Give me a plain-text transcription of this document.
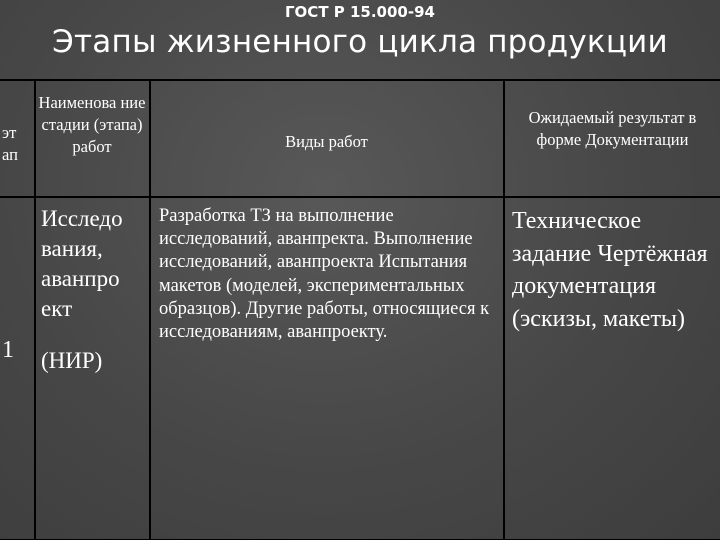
ГОСТ Р 15.000-94
Этапы жизненного цикла продукции
эт ап
Наименова ние стадии (этапа) работ	Виды работ
Ожидаемый результат в форме Документации
1
Исследо вания, аванпро ект
(НИР)
Разработка ТЗ на выполнение исследований, аванпректа. Выполнение исследований, аванпроекта Испытания макетов (моделей, экспериментальных образцов). Другие работы, относящиеся к исследованиям, аванпроекту.
Техническое задание Чертёжная документация (эскизы, макеты)
